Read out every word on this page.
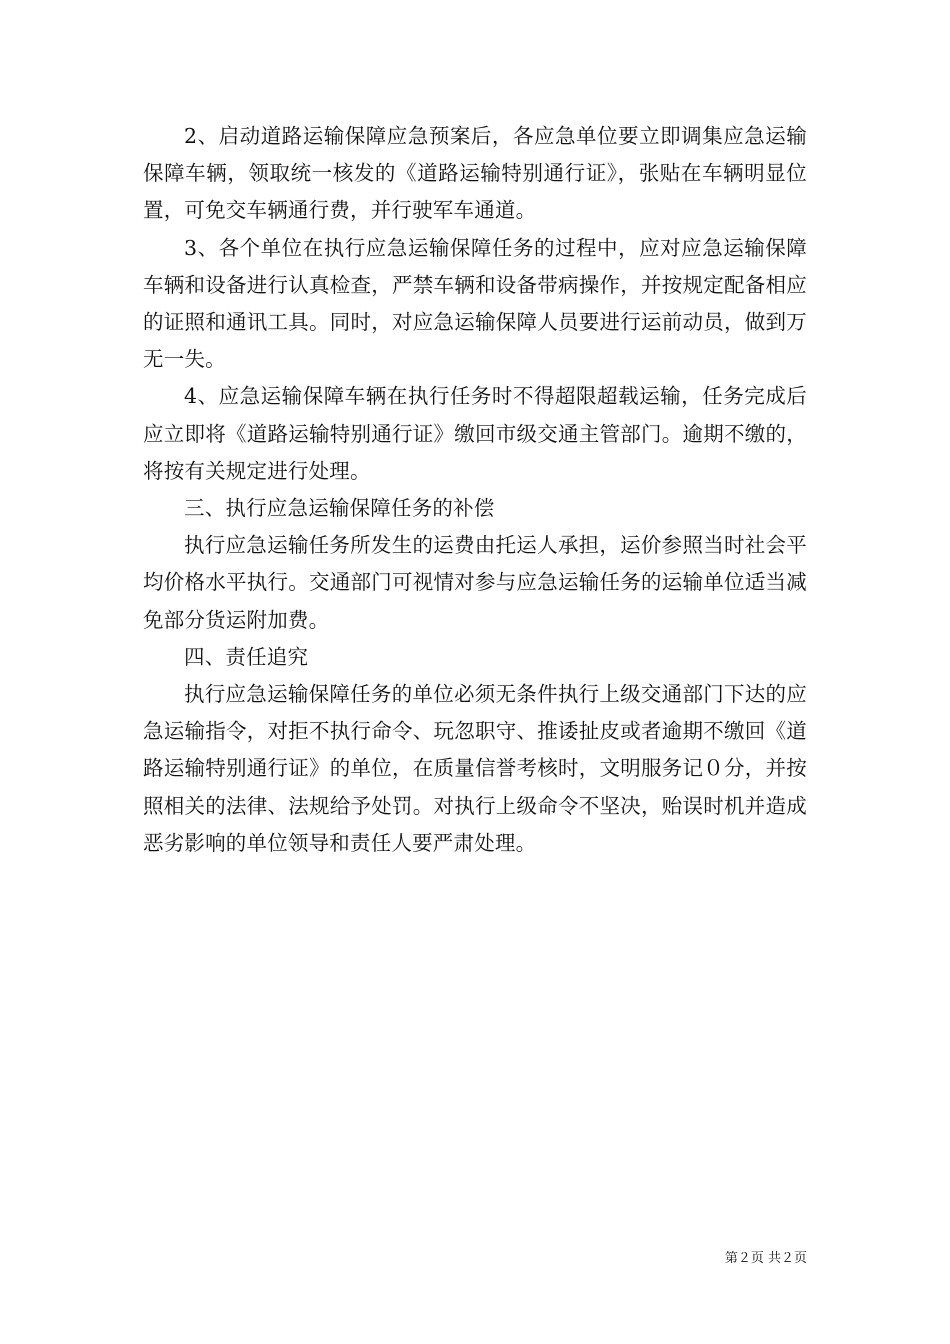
2、启动道路运输保障应急预案后，各应急单位要立即调集应急运输保障车辆，领取统一核发的《道路运输特别通行证》，张贴在车辆明显位置，可免交车辆通行费，并行驶军车通道。

3、各个单位在执行应急运输保障任务的过程中，应对应急运输保障车辆和设备进行认真检查，严禁车辆和设备带病操作，并按规定配备相应的证照和通讯工具。同时，对应急运输保障人员要进行运前动员，做到万无一失。

4、应急运输保障车辆在执行任务时不得超限超载运输，任务完成后应立即将《道路运输特别通行证》缴回市级交通主管部门。逾期不缴的，将按有关规定进行处理。

三、执行应急运输保障任务的补偿

执行应急运输任务所发生的运费由托运人承担，运价参照当时社会平均价格水平执行。交通部门可视情对参与应急运输任务的运输单位适当减免部分货运附加费。

四、责任追究

执行应急运输保障任务的单位必须无条件执行上级交通部门下达的应急运输指令，对拒不执行命令、玩忽职守、推诿扯皮或者逾期不缴回《道路运输特别通行证》的单位，在质量信誉考核时，文明服务记０分，并按照相关的法律、法规给予处罚。对执行上级命令不坚决，贻误时机并造成恶劣影响的单位领导和责任人要严肃处理。

第２页 共２页
